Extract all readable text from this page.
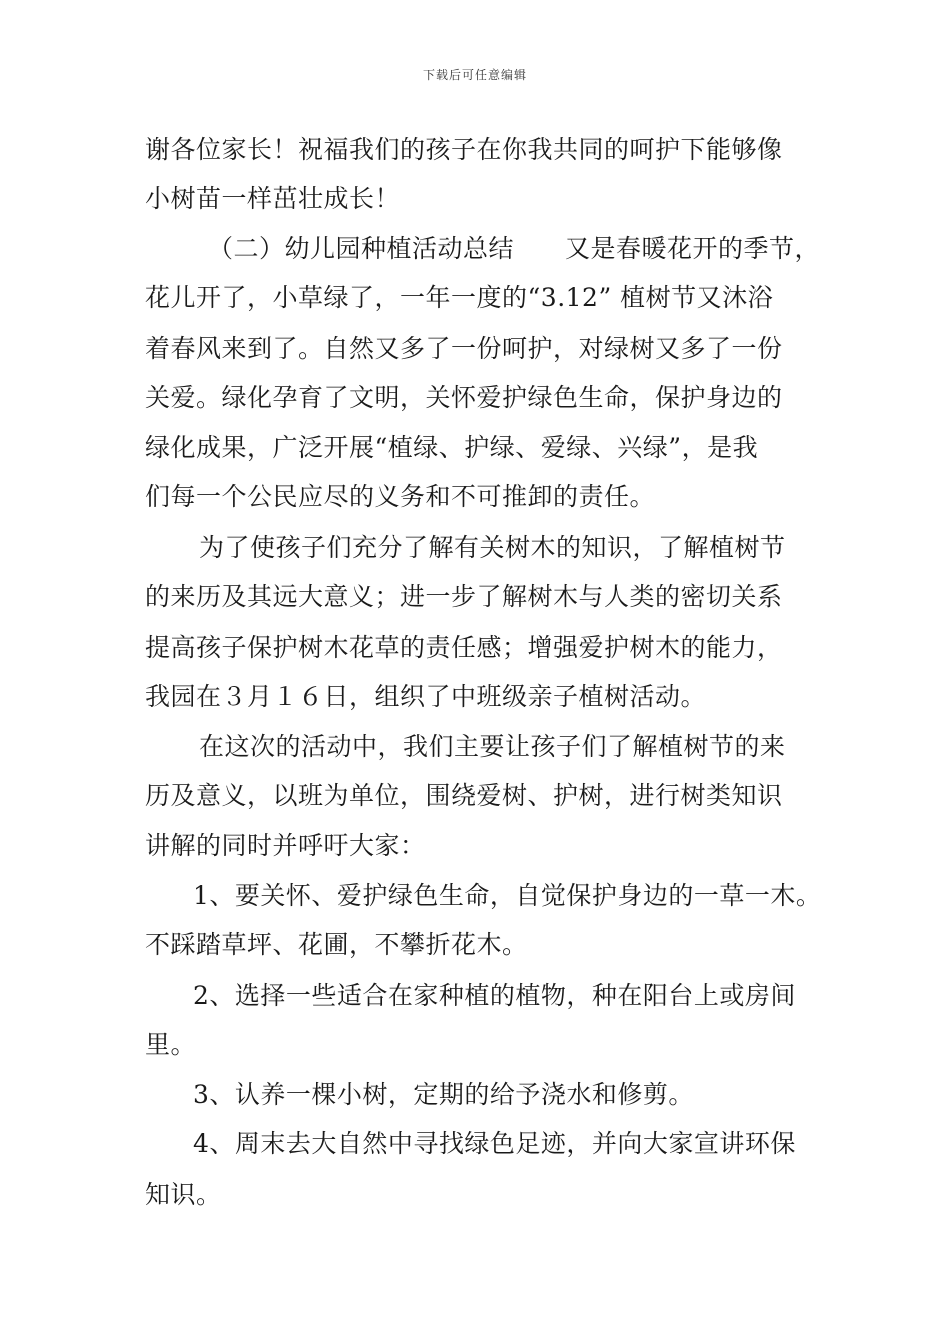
下载后可任意编辑
谢各位家长！祝福我们的孩子在你我共同的呵护下能够像
小树苗一样茁壮成长！
（二）幼儿园种植活动总结　　又是春暖花开的季节，
花儿开了，小草绿了，一年一度的“3.12” 植树节又沐浴
着春风来到了。自然又多了一份呵护，对绿树又多了一份
关爱。绿化孕育了文明，关怀爱护绿色生命，保护身边的
绿化成果，广泛开展“植绿、护绿、爱绿、兴绿”，是我
们每一个公民应尽的义务和不可推卸的责任。
为了使孩子们充分了解有关树木的知识，了解植树节
的来历及其远大意义；进一步了解树木与人类的密切关系
提高孩子保护树木花草的责任感；增强爱护树木的能力，
我园在３月１６日，组织了中班级亲子植树活动。
在这次的活动中，我们主要让孩子们了解植树节的来
历及意义，以班为单位，围绕爱树、护树，进行树类知识
讲解的同时并呼吁大家：
1、要关怀、爱护绿色生命，自觉保护身边的一草一木。
不踩踏草坪、花圃，不攀折花木。
2、选择一些适合在家种植的植物，种在阳台上或房间
里。
3、认养一棵小树，定期的给予浇水和修剪。
4、周末去大自然中寻找绿色足迹，并向大家宣讲环保
知识。
